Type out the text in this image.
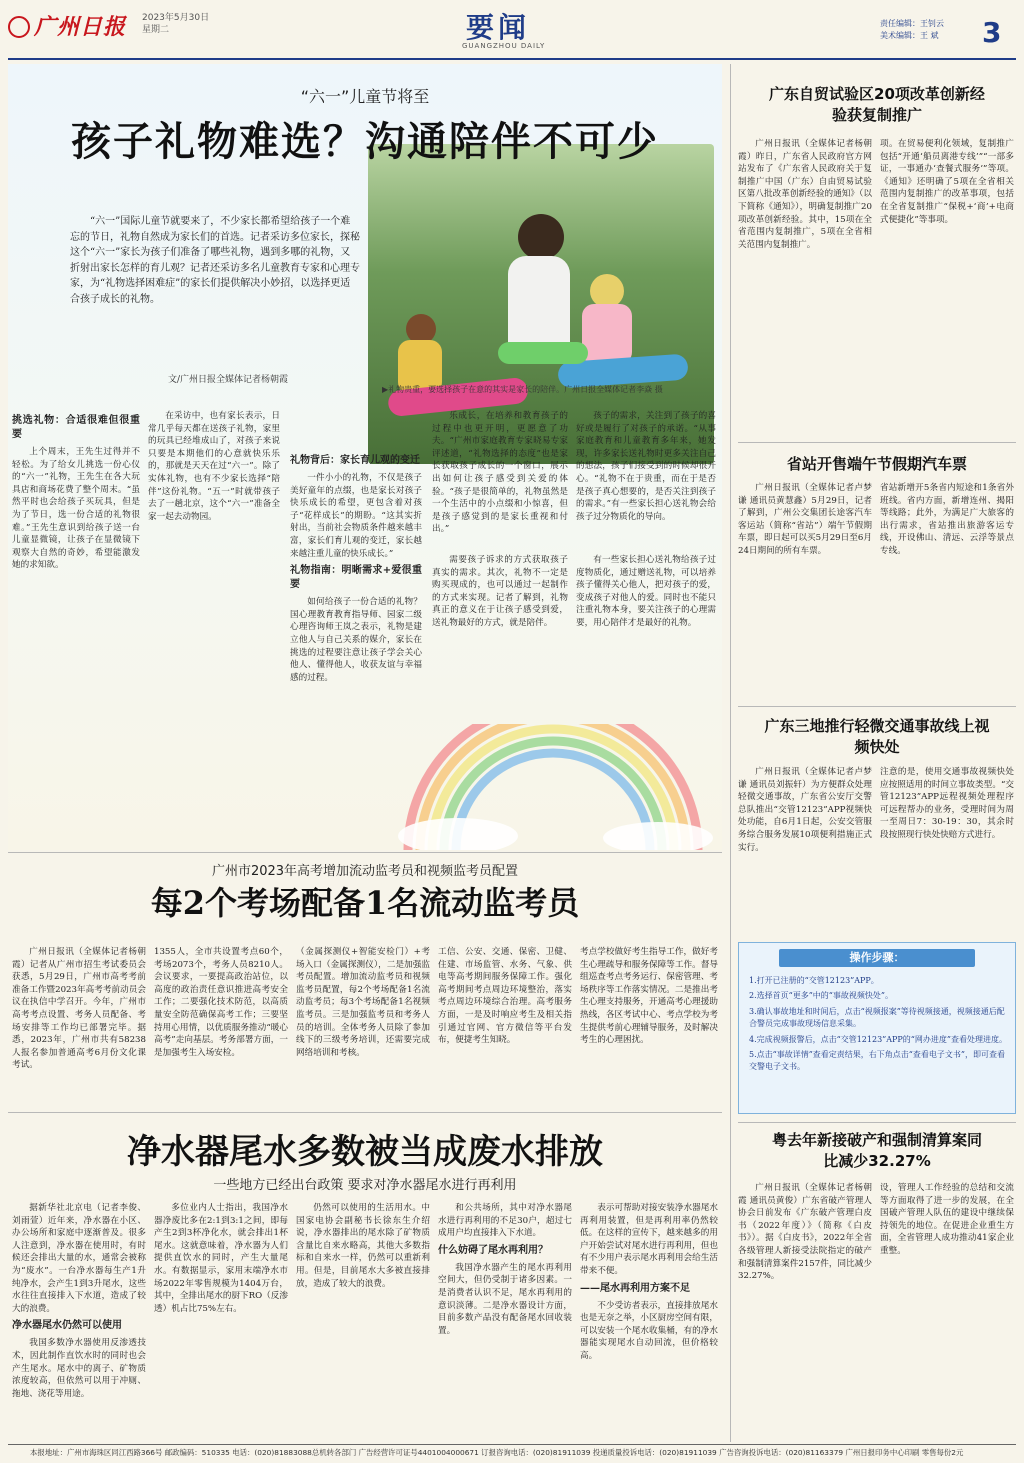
广州日报 2023年5月30日
星期二	要闻
GUANGZHOU DAILY
责任编辑：王钊云
美术编辑：王 斌 3
▶礼物贵重，要选择孩子在意的其实是家长的陪伴。广州日报全媒体记者李焱 摄
“六一”儿童节将至
孩子礼物难选？沟通陪伴不可少
“六一”国际儿童节就要来了，不少家长都希望给孩子一个难忘的节日，礼物自然成为家长们的首选。记者采访多位家长，探秘这个“六一”家长为孩子们准备了哪些礼物，遇到多哪的礼物，又折射出家长怎样的育儿观？记者还采访多名儿童教育专家和心理专家，为“礼物选择困难症”的家长们提供解决小妙招，以选择更适合孩子成长的礼物。
文/广州日报全媒体记者杨朝霞
挑选礼物：合适很难但很重要

上个周末，王先生过得并不轻松。为了给女儿挑选一份心仪的“六一”礼物，王先生在各大玩具店和商场花费了整个周末。“虽然平时也会给孩子买玩具，但是为了节日，选一份合适的礼物很难。”王先生意识到给孩子送一台儿童显微镜，让孩子在显微镜下观察大自然的奇妙，希望能激发她的求知欲。

在采访中，也有家长表示，日常几乎每天都在送孩子礼物，家里的玩具已经堆成山了，对孩子来说只要是本期他们的心意就快乐乐的，那就是天天在过“六一”。除了实体礼物，也有不少家长选择“陪伴”这份礼物。“五一”时就带孩子去了一趟北京，这个“六一”准备全家一起去动物园。

礼物背后：家长育儿观的变迁

一件小小的礼物，不仅是孩子美好童年的点缀，也是家长对孩子快乐成长的希望，更包含着对孩子“花样成长”的期盼。“这其实折射出，当前社会物质条件越来越丰富，家长们育儿观的变迁，家长越来越注重儿童的快乐成长。”

礼物指南：明晰需求+爱很重要

如何给孩子一份合适的礼物？国心理教育教育指导师、园家二级心理咨询师王岚之表示，礼物是建立他人与自己关系的媒介，家长在挑选的过程要注意让孩子学会关心他人、懂得他人，收获友谊与幸福感的过程。

乐成长，在培养和教育孩子的过程中也更开明，更愿意了功夫。“广州市家庭教育专家晓易专家评述道，“礼物选择的态度”也是家长获取孩子成长的一个窗口，展示出如何让孩子感受到关爱的体验。“孩子是很简单的，礼物虽然是一个生活中的小点缀和小惊喜，但是孩子感觉到的是家长重视和付出。”

孩子的需求，关注到了孩子的喜好或是履行了对孩子的承诺。“从事家庭教育和儿童教育多年来，她发现，许多家长送礼物时更多关注自己的想法，孩子们接受到的时候却很开心。“礼物不在于贵重，而在于是否是孩子真心想要的，是否关注到孩子的需求。”有一些家长担心送礼物会给孩子过分物质化的导向。

需要孩子诉求的方式获取孩子真实的需求。其次，礼物不一定是购买现成的，也可以通过一起制作的方式来实现。记者了解到，礼物真正的意义在于让孩子感受到爱，送礼物最好的方式，就是陪伴。

有一些家长担心送礼物给孩子过度物质化，通过赠送礼物，可以培养孩子懂得关心他人，把对孩子的爱，变成孩子对他人的爱。同时也不能只注重礼物本身，要关注孩子的心理需要，用心陪伴才是最好的礼物。

广州市2023年高考增加流动监考员和视频监考员配置
每2个考场配备1名流动监考员
广州日报讯（全媒体记者杨朝霞）记者从广州市招生考试委员会获悉，5月29日，广州市高考考前准备工作暨2023年高考考前动员会议在执信中学召开。今年，广州市高考考点设置、考务人员配备、考场安排等工作均已部署完毕。据悉，2023年，广州市共有58238人报名参加普通高考6月份文化课考试。
1355人，全市共设置考点60个，考场2073个，考务人员8210人。会议要求，一要提高政治站位，以高度的政治责任意识推进高考安全工作；二要强化技术防范，以高质量安全防范确保高考工作；三要坚持用心用情，以优质服务推动“暖心高考”走向基层。考务部署方面，一是加强考生入场安检。
（金属探测仪+智能安检门）+考场入口（金属探测仪），二是加强监考员配置。增加流动监考员和视频监考员配置，每2个考场配备1名流动监考员；每3个考场配备1名视频监考员。三是加强监考员和考务人员的培训。全体考务人员除了参加线下的三级考务培训，还需要完成网络培训和考核。
工信、公安、交通、保密、卫健、住建、市场监管、水务、气象、供电等高考期间服务保障工作。强化高考期间考点周边环境整治，落实考点周边环境综合治理。高考服务方面，一是及时响应考生及相关指引通过官网、官方微信等平台发布，便捷考生知晓。
考点学校做好考生指导工作，做好考生心理疏导和服务保障等工作。督导组巡查考点考务运行、保密管理、考场秩序等工作落实情况。二是推出考生心理支持服务，开通高考心理援助热线，各区考试中心、考点学校为考生提供考前心理辅导服务，及时解决考生的心理困扰。
净水器尾水多数被当成废水排放
一些地方已经出台政策 要求对净水器尾水进行再利用

据新华社北京电（记者李俊、刘雨萱）近年来，净水器在小区、办公场所和家庭中逐渐普及。很多人注意到，净水器在使用时，有时候还会排出大量的水，通常会被称为“废水”。一台净水器每生产1升纯净水，会产生1到3升尾水，这些水往往直接排入下水道，造成了较大的浪费。

净水器尾水仍然可以使用

我国多数净水器使用反渗透技术，因此制作直饮水时的同时也会产生尾水。尾水中的离子、矿物质浓度较高，但依然可以用于冲厕、拖地、浇花等用途。

多位业内人士指出，我国净水器净废比多在2:1到3:1之间，即每产生2到3杯净化水，就会排出1杯尾水。这就意味着，净水器为人们提供直饮水的同时，产生大量尾水。有数据显示，家用末端净水市场2022年零售规模为1404万台，其中，全排出尾水的厨下RO（反渗透）机占比75%左右。

仍然可以使用的生活用水。中国家电协会副秘书长徐东生介绍说，净水器排出的尾水除了矿物质含量比自来水略高，其他大多数指标和自来水一样，仍然可以重新利用。但是，目前尾水大多被直接排放，造成了较大的浪费。

和公共场所，其中对净水器尾水进行再利用的不足30户，超过七成用户均直接排入下水道。

什么妨碍了尾水再利用？

我国净水器产生的尾水再利用空间大，但仍受制于诸多因素。一是消费者认识不足，尾水再利用的意识淡薄。二是净水器设计方面，目前多数产品没有配备尾水回收装置。

表示可帮助对接安装净水器尾水再利用装置，但是再利用率仍然较低。在这样的宣传下，越来越多的用户开始尝试对尾水进行再利用，但也有不少用户表示尾水再利用会给生活带来不便。

——尾水再利用方案不足

不少受访者表示，直接排放尾水也是无奈之举，小区厨房空间有限，可以安装一个尾水收集桶，有的净水器能实现尾水自动回流，但价格较高。

广东自贸试验区20项改革创新经验获复制推广
广州日报讯（全媒体记者杨朝霞）昨日，广东省人民政府官方网站发布了《广东省人民政府关于复制推广中国（广东）自由贸易试验区第八批改革创新经验的通知》（以下简称《通知》），明确复制推广20项改革创新经验。其中，15项在全省范围内复制推广，5项在全省相关范围内复制推广。
项。在贸易便利化领域，复制推广包括“开通‘船员离港专线’”“一部多证，一事通办‘查餐式服务’”等项。《通知》还明确了5项在全省相关范围内复制推广的改革事项，包括在全省复制推广“保税+‘商’+电商式便捷化”等事项。
省站开售端午节假期汽车票
广州日报讯（全媒体记者卢梦谦 通讯员黄慧鑫）5月29日，记者了解到，广州公交集团长途客汽车客运站（简称“省站”）端午节假期车票，即日起可以买5月29日至6月24日期间的所有车票。
省站新增开5条省内短途和1条省外班线。省内方面，新增连州、揭阳等线路；此外，为满足广大旅客的出行需求，省站推出旅游客运专线，开设佛山、清远、云浮等景点专线。
广东三地推行轻微交通事故线上视频快处
广州日报讯（全媒体记者卢梦谦 通讯员刘振轩）为方便群众处理轻微交通事故，广东省公安厅交警总队推出“交管12123”APP视频快处功能，自6月1日起，公安交管服务综合服务发展10项便利措施正式实行。
注意的是，使用交通事故视频快处应按照适用的时间立事故类型。“交管12123”APP远程视频处理程序可远程帮办的业务，受理时间为周一至周日7：30-19：30，其余时段按照现行快处快赔方式进行。
操作步骤：
1.打开已注册的“交管12123”APP。
2.选择首页“更多”中的“事故视频快处”。
3.确认事故地址和时间后，点击“视频报案”等待视频接通，视频接通后配合警员完成事故现场信息采集。
4.完成视频报警后，点击“交管12123”APP的“网办进度”查看处理进度。
5.点击“事故详情”查看定责结果，右下角点击“查看电子文书”，即可查看交警电子文书。
粤去年新接破产和强制清算案同比减少32.27%
广州日报讯（全媒体记者杨朝霞 通讯员黄俊）广东省破产管理人协会日前发布《广东破产管理白皮书（2022年度）》（简称《白皮书》）。据《白皮书》，2022年全省各级管理人新接受法院指定的破产和强制清算案件2157件，同比减少32.27%。
设，管理人工作经验的总结和交流等方面取得了进一步的发展，在全国破产管理人队伍的建设中继续保持领先的地位。在促进企业重生方面，全省管理人成功推动41家企业重整。
本报地址：广州市海珠区同江西路366号 邮政编码：510335 电话：(020)81883088总机转各部门 广告经营许可证号4401004000671 订报咨询电话：(020)81911039 投递质量投诉电话：(020)81911039 广告咨询投诉电话：(020)81163379 广州日报印务中心印刷 零售每份2元
